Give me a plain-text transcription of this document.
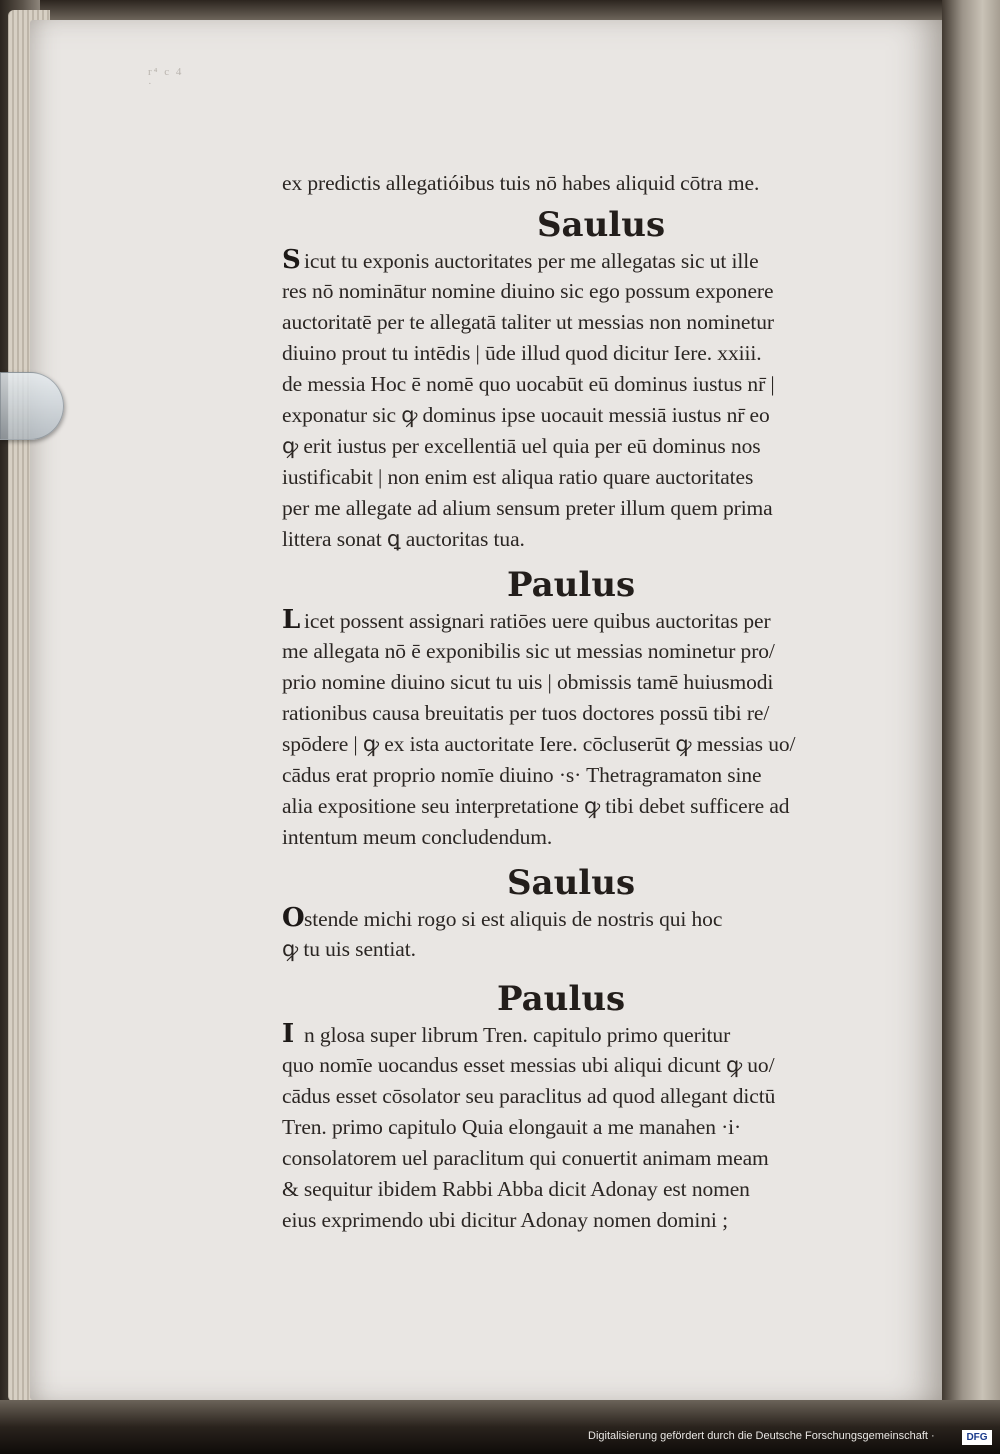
r⁴ c 4 ·
ex predictis allegatióibus tuis nō habes aliquid cōtra me.
Saulus
S icut tu exponis auctoritates per me allegatas sic ut ille
res nō nominātur nomine diuino sic ego possum exponere
auctoritatē per te allegatā taliter ut messias non nominetur
diuino prout tu intēdis | ūde illud quod dicitur Iere. xxiii.
de messia Hoc ē nomē quo uocabūt eū dominus iustus nr̄ |
exponatur sic ꝙ dominus ipse uocauit messiā iustus nr̄ eo
ꝙ erit iustus per excellentiā uel quia per eū dominus nos
iustificabit | non enim est aliqua ratio quare auctoritates
per me allegate ad alium sensum preter illum quem prima
littera sonat ꝗ auctoritas tua.
Paulus
L icet possent assignari ratiōes uere quibus auctoritas per
me allegata nō ē exponibilis sic ut messias nominetur pro/
prio nomine diuino sicut tu uis | obmissis tamē huiusmodi
rationibus causa breuitatis per tuos doctores possū tibi re/
spōdere | ꝙ ex ista auctoritate Iere. cōcluserūt ꝙ messias uo/
cādus erat proprio nomīe diuino ·s· Thetragramaton sine
alia expositione seu interpretatione ꝙ tibi debet sufficere ad
intentum meum concludendum.
Saulus
Ostende michi rogo si est aliquis de nostris qui hoc
ꝙ tu uis sentiat.
Paulus
I n glosa super librum Tren. capitulo primo queritur
quo nomīe uocandus esset messias ubi aliqui dicunt ꝙ uo/
cādus esset cōsolator seu paraclitus ad quod allegant dictū
Tren. primo capitulo Quia elongauit a me manahen ·i·
consolatorem uel paraclitum qui conuertit animam meam
& sequitur ibidem Rabbi Abba dicit Adonay est nomen
eius exprimendo ubi dicitur Adonay nomen domini ;
Digitalisierung gefördert durch die Deutsche Forschungsgemeinschaft ·	DFG
